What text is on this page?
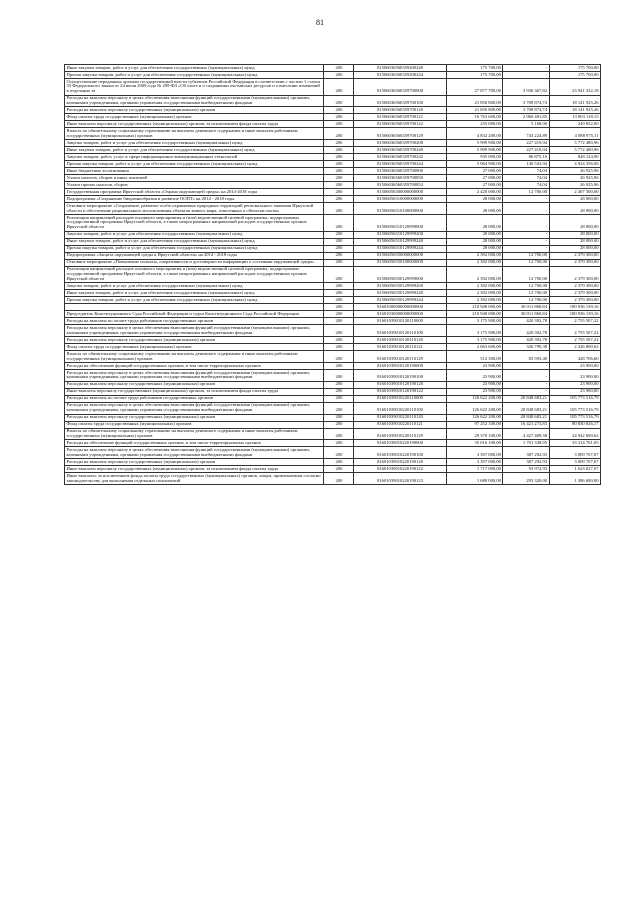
81
Иные закупки товаров, работ и услуг для обеспечения государственных (муниципальных) нужд	200	81506036560359200240	175 700,00	-	175 700,00
Прочая закупка товаров, работ и услуг для обеспечения государственных (муниципальных) нужд	200	81506036560359200244	175 700,00	-	175 700,00
Осуществление переданных органам государственной власти субъектов Российской Федерации в соответствии с частью 1 статьи 33 Федерального закона от 24 июля 2009 года № 209-ФЗ «Об охоте и о сохранении охотничьих ресурсов и о внесении изменений в отдельные за	200	81506036560359700000	27 877 700,00	3 936 367,82	23 941 332,18
Расходы на выплаты персоналу в целях обеспечения выполнения функций государственными (муниципальными) органами, казенными учреждениями, органами управления государственными внебюджетными фондами	200	81506036560359700100	21 850 800,00	3 708 874,74	18 141 925,26
Расходы на выплаты персоналу государственных (муниципальных) органов	200	81506036560359700120	21 850 800,00	3 708 874,74	18 141 925,26
Фонд оплаты труда государственных (муниципальных) органов	200	81506036560359700121	16 763 600,00	2 960 481,85	13 803 118,15
Иные выплаты персоналу государственных (муниципальных) органов, за исключением фонда оплаты труда	200	81506036560359700122	255 000,00	5 168,00	249 832,00
Взносы по обязательному социальному страхованию на выплаты денежного содержания и иные выплаты работникам государственных (муниципальных) органов	200	81506036560359700129	4 832 200,00	743 224,89	4 088 975,11
Закупка товаров, работ и услуг для обеспечения государственных (муниципальных) нужд	200	81506036560359700200	5 999 900,00	227 419,04	5 772 480,96
Иные закупки товаров, работ и услуг для обеспечения государственных (муниципальных) нужд	200	81506036560359700240	5 999 900,00	227 419,04	5 772 480,96
Закупка товаров, работ, услуг в сфере информационно-коммуникационных технологий	200	81506036560359700242	935 000,00	86 875,10	848 124,90
Прочая закупка товаров, работ и услуг для обеспечения государственных (муниципальных) нужд	200	81506036560359700244	5 064 900,00	140 543,94	4 924 356,06
Иные бюджетные ассигнования	200	81506036560359700800	27 000,00	74,04	26 925,96
Уплата налогов, сборов и иных платежей	200	81506036560359700850	27 000,00	74,04	26 925,96
Уплата прочих налогов, сборов	200	81506036560359700852	27 000,00	74,04	26 925,96
Государственная программа Иркутской области «Охрана окружающей среды» на 2014-2018 годы	200	81506056500000000000	2 420 000,00	12 700,00	2 407 300,00
Подпрограмма «Сохранение биоразнообразия и развитие ООПТ» на 2014 - 2018 годы	200	81506056510000000000	28 000,00	-	28 000,00
Основное мероприятие «Сохранение, развитие особо охраняемых природных территорий регионального значения Иркутской области и обеспечение рационального использования объектов живого мира, отнесенных к объектам охоты»	200	81506056510100000000	28 000,00	-	28 000,00
Реализация направлений расходов основного мероприятия и (или) ведомственной целевой программы, подпрограммы государственной программы Иркутской области, а также непрограммных направлений расходов государственных органов Иркутской области	200	81506056510129999000	28 000,00	-	28 000,00
Закупка товаров, работ и услуг для обеспечения государственных (муниципальных) нужд	200	81506056510129999200	28 000,00	-	28 000,00
Иные закупки товаров, работ и услуг для обеспечения государственных (муниципальных) нужд	200	81506056510129999240	28 000,00	-	28 000,00
Прочая закупка товаров, работ и услуг для обеспечения государственных (муниципальных) нужд	200	81506056510129999244	28 000,00	-	28 000,00
Подпрограмма «Защита окружающей среды в Иркутской области» на 2014 - 2018 годы	200	81506056550000000000	2 392 000,00	12 700,00	2 379 300,00
Основное мероприятие «Повышение полноты, оперативности и достоверности информации о состоянии окружающей среды»	200	81506056550100000000	2 392 000,00	12 700,00	2 379 300,00
Реализация направлений расходов основного мероприятия и (или) ведомственной целевой программы, подпрограммы государственной программы Иркутской области, а также непрограммных направлений расходов государственных органов Иркутской области	200	81506056550129999000	2 392 000,00	12 700,00	2 379 300,00
Закупка товаров, работ и услуг для обеспечения государственных (муниципальных) нужд	200	81506056550129999200	2 392 000,00	12 700,00	2 379 300,00
Иные закупки товаров, работ и услуг для обеспечения государственных (муниципальных) нужд	200	81506056550129999240	2 392 000,00	12 700,00	2 379 300,00
Прочая закупка товаров, работ и услуг для обеспечения государственных (муниципальных) нужд	200	81506056550129999244	2 392 000,00	12 700,00	2 379 300,00
	200	81601000000000000000	210 948 000,00	30 011 860,84	180 936 139,16
Председатель Конституционного Суда Российской Федерации и судьи Конституционного Суда Российской Федерации	200	81601030000000000000	210 948 000,00	30 011 860,84	180 936 139,16
Расходы на выплаты по оплате труда работников государственных органов	200	81601039010120110000	3 175 900,00	420 392,78	2 755 507,22
Расходы на выплаты персоналу в целях обеспечения выполнения функций государственными (муниципальными) органами, казенными учреждениями, органами управления государственными внебюджетными фондами	200	81601039010120110100	3 175 900,00	420 392,78	2 755 507,22
Расходы на выплаты персоналу государственных (муниципальных) органов	200	81601039010120110120	3 175 900,00	420 392,78	2 755 507,22
Фонд оплаты труда государственных (муниципальных) органов	200	81601039010120110121	2 663 600,00	336 799,38	2 326 800,62
Взносы по обязательному социальному страхованию на выплаты денежного содержания и иные выплаты работникам государственных (муниципальных) органов	200	81601039010120110129	512 300,00	83 593,40	428 706,60
Расходы на обеспечение функций государственных органов, в том числе территориальных органов	200	81601039010120190000	23 900,00	-	23 900,00
Расходы на выплаты персоналу в целях обеспечения выполнения функций государственными (муниципальными) органами, казенными учреждениями, органами управления государственными внебюджетными фондами	200	81601039010120190100	23 900,00	-	23 900,00
Расходы на выплаты персоналу государственных (муниципальных) органов	200	81601039010120190120	23 900,00	-	23 900,00
Иные выплаты персоналу государственных (муниципальных) органов, за исключением фонда оплаты труда	200	81601039010120190122	23 900,00	-	23 900,00
Расходы на выплаты по оплате труда работников государственных органов	200	81601039010220110000	126 622 200,00	20 848 683,21	105 773 516,79
Расходы на выплаты персоналу в целях обеспечения выполнения функций государственными (муниципальными) органами, казенными учреждениями, органами управления государственными внебюджетными фондами	200	81601039010220110100	126 622 200,00	20 848 683,21	105 773 516,79
Расходы на выплаты персоналу государственных (муниципальных) органов	200	81601039010220110120	126 622 200,00	20 848 683,21	105 773 516,79
Фонд оплаты труда государственных (муниципальных) органов	200	81601039010220110121	97 252 100,00	16 421 273,83	80 830 826,17
Взносы по обязательному социальному страхованию на выплаты денежного содержания и иные выплаты работникам государственных (муниципальных) органов	200	81601039010220110129	29 370 100,00	4 427 409,38	24 942 690,62
Расходы на обеспечение функций государственных органов, в том числе территориальных органов	200	81601039010220190000	35 016 100,00	1 701 338,95	33 314 761,05
Расходы на выплаты персоналу в целях обеспечения выполнения функций государственными (муниципальными) органами, казенными учреждениями, органами управления государственными внебюджетными фондами	200	81601039010220190100	3 397 000,00	387 292,93	3 009 707,07
Расходы на выплаты персоналу государственных (муниципальных) органов	200	81601039010220190120	3 397 000,00	387 292,93	3 009 707,07
Иные выплаты персоналу государственных (муниципальных) органов, за исключением фонда оплаты труда	200	81601039010220190122	1 717 000,00	93 972,93	1 623 027,07
Иные выплаты, за исключением фонда оплаты труда государственных (муниципальных) органов, лицам, привлекаемым согласно законодательству для выполнения отдельных полномочий	200	81601039010220190123	1 680 000,00	293 320,00	1 386 680,00
